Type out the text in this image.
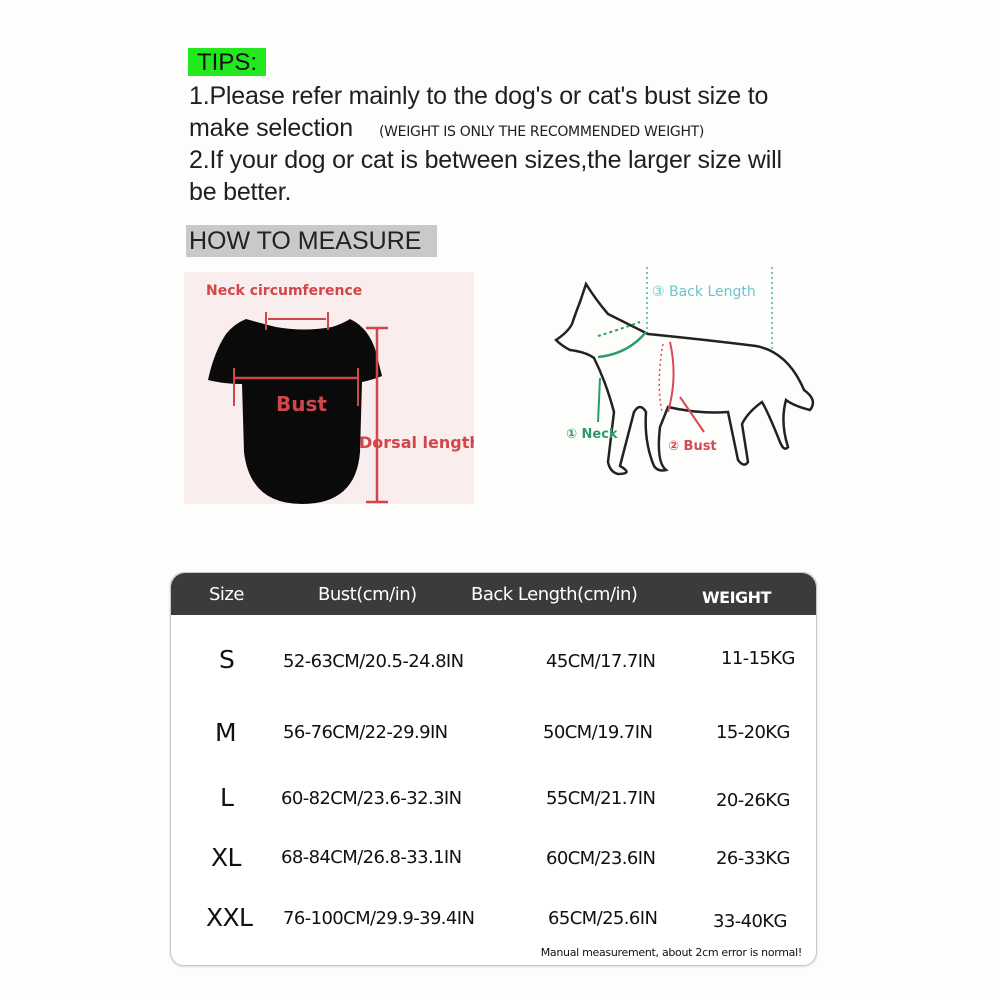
TIPS:
1.Please refer mainly to the dog's or cat's bust size to
make selection (WEIGHT IS ONLY THE RECOMMENDED WEIGHT)
2.If your dog or cat is between sizes,the larger size will
be better.
HOW TO MEASURE
Neck circumference
Bust
Dorsal length
③ Back Length
① Neck
② Bust
Size	Bust(cm/in)	Back Length(cm/in)	WEIGHT
S	52-63CM/20.5-24.8IN	45CM/17.7IN	11-15KG
M	56-76CM/22-29.9IN	50CM/19.7IN	15-20KG
L	60-82CM/23.6-32.3IN	55CM/21.7IN	20-26KG
XL 68-84CM/26.8-33.1IN	60CM/23.6IN	26-33KG
XXL 76-100CM/29.9-39.4IN	65CM/25.6IN	33-40KG
Manual measurement, about 2cm error is normal!
